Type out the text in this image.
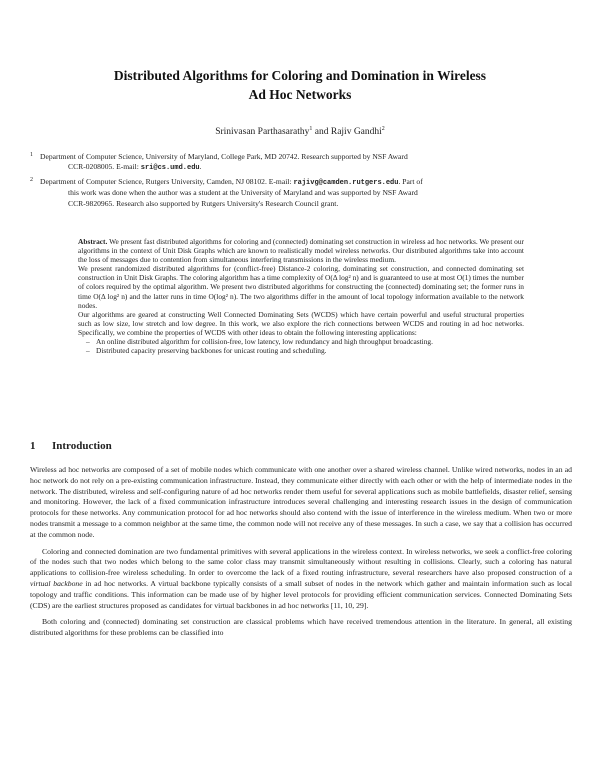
Distributed Algorithms for Coloring and Domination in Wireless
Ad Hoc Networks
Srinivasan Parthasarathy$^1$ and Rajiv Gandhi$^2$
1 Department of Computer Science, University of Maryland, College Park, MD 20742. Research supported by NSF Award
CCR-0208005. E-mail: sri@cs.umd.edu.
2 Department of Computer Science, Rutgers University, Camden, NJ 08102. E-mail: rajivg@camden.rutgers.edu. Part of
this work was done when the author was a student at the University of Maryland and was supported by NSF Award
CCR-9820965. Research also supported by Rutgers University's Research Council grant.

Abstract. We present fast distributed algorithms for coloring and (connected) dominating set construction in wireless ad hoc networks. We present our algorithms in the context of Unit Disk Graphs which are known to realistically model wireless networks. Our distributed algorithms take into account the loss of messages due to contention from simultaneous interfering transmissions in the wireless medium.

We present randomized distributed algorithms for (conflict-free) Distance-2 coloring, dominating set construction, and connected dominating set construction in Unit Disk Graphs. The coloring algorithm has a time complexity of O(Δ log² n) and is guaranteed to use at most O(1) times the number of colors required by the optimal algorithm. We present two distributed algorithms for constructing the (connected) dominating set; the former runs in time O(Δ log² n) and the latter runs in time O(log² n). The two algorithms differ in the amount of local topology information available to the network nodes.

Our algorithms are geared at constructing Well Connected Dominating Sets (WCDS) which have certain powerful and useful structural properties such as low size, low stretch and low degree. In this work, we also explore the rich connections between WCDS and routing in ad hoc networks. Specifically, we combine the properties of WCDS with other ideas to obtain the following interesting applications:

– An online distributed algorithm for collision-free, low latency, low redundancy and high throughput broadcasting.
– Distributed capacity preserving backbones for unicast routing and scheduling.
1 Introduction

Wireless ad hoc networks are composed of a set of mobile nodes which communicate with one another over a shared wireless channel. Unlike wired networks, nodes in an ad hoc network do not rely on a pre-existing communication infrastructure. Instead, they communicate either directly with each other or with the help of intermediate nodes in the network. The distributed, wireless and self-configuring nature of ad hoc networks render them useful for several applications such as mobile battlefields, disaster relief, sensing and monitoring. However, the lack of a fixed communication infrastructure introduces several challenging and interesting research issues in the design of communication protocols for these networks. Any communication protocol for ad hoc networks should also contend with the issue of interference in the wireless medium. When two or more nodes transmit a message to a common neighbor at the same time, the common node will not receive any of these messages. In such a case, we say that a collision has occurred at the common node.

Coloring and connected domination are two fundamental primitives with several applications in the wireless context. In wireless networks, we seek a conflict-free coloring of the nodes such that two nodes which belong to the same color class may transmit simultaneously without resulting in collisions. Clearly, such a coloring has natural applications to collision-free wireless scheduling. In order to overcome the lack of a fixed routing infrastructure, several researchers have also proposed construction of a virtual backbone in ad hoc networks. A virtual backbone typically consists of a small subset of nodes in the network which gather and maintain information such as local topology and traffic conditions. This information can be made use of by higher level protocols for providing efficient communication services. Connected Dominating Sets (CDS) are the earliest structures proposed as candidates for virtual backbones in ad hoc networks [11, 10, 29].

Both coloring and (connected) dominating set construction are classical problems which have received tremendous attention in the literature. In general, all existing distributed algorithms for these problems can be classified into
